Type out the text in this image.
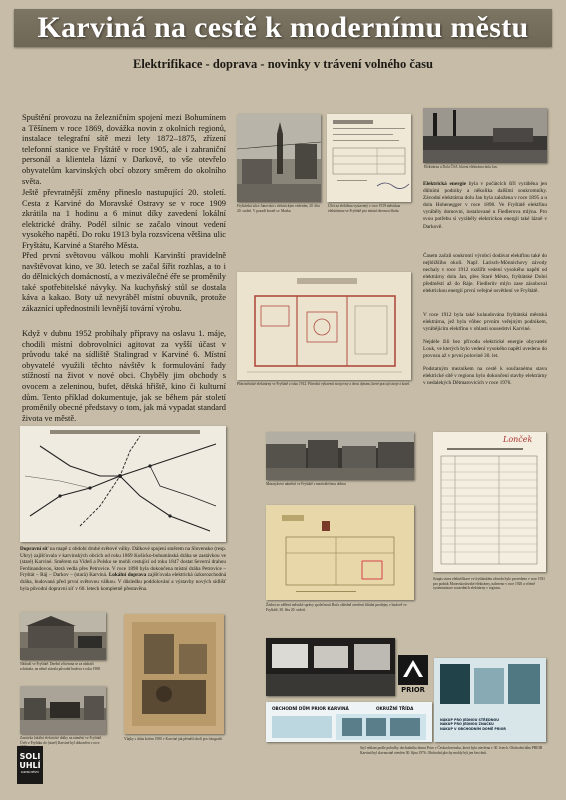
Karviná na cestě k modernímu městu
Elektrifikace - doprava - novinky v trávení volného času

Spuštění provozu na železničním spojení mezi Bohumínem a Těšínem v roce 1869, dovážka novin z okolních regionů, instalace telegrafní sítě mezi lety 1872–1875, zřízení telefonní stanice ve Fryštátě v roce 1905, ale i zahraniční personál a klientela lázní v Darkově, to vše otevřelo obyvatelům karvinských obcí obzory směrem do okolního světa.

Ještě převratnější změny přineslo nastupující 20. století. Cesta z Karviné do Moravské Ostravy se v roce 1909 zkrátila na 1 hodinu a 6 minut díky zavedení lokální elektrické dráhy. Podél silnic se začalo vinout vedení vysokého napětí. Do roku 1913 byla rozsvícena většina ulic Fryštátu, Karviné a Starého Města.

Před první světovou válkou mohli Karvinští pravidelně navštěvovat kino, ve 30. letech se začal šířit rozhlas, a to i do dělnických domácností, a v meziválečné éře se proměnily také spotřebitelské návyky. Na kuchyňský stůl se dostala káva a kakao. Boty už nevyráběl místní obuvník, protože zákazníci upřednostnili levnější tovární výrobu.

Když v dubnu 1952 probíhaly přípravy na oslavu 1. máje, chodili místní dobrovolníci agitovat za vyšší účast v průvodu také na sídliště Stalingrad v Karviné 6. Místní obyvatelé využili těchto návštěv k formulování řady stížností na život v nové obci. Chyběly jim obchody s ovocem a zeleninou, bufet, dětská hřiště, kino či kulturní dům. Tento příklad dokumentuje, jak se během pár století proměnily obecné představy o tom, jak má vypadat standard života ve městě.

Fryštátská ulice Janovská s elektrickým vedením, 20. léta 20. století. V pozadí kostel sv. Marka.
Účet za elektřinu vystavený v roce 1919 městskou elektrárnou ve Fryštátě pro místní obecnou školu.
Elektrárna u Dolu ČSA, hlavní elektrárna dolu Jan.

Elektrická energie byla v počátcích šíří vyráběna jen důlními podniky a několika dalšími soukromníky. Závodní elektrárna dolu Jan byla založena v roce 1895 a u dolu Hohenegger v roce 1898. Ve Fryštátě elektřinu vyráběly domovní, instalované u Fiedlerova mlýna. Pro svou potřebu si vyráběly elektrickou energii také lázně v Darkově.

Časem začali soukromí výrobci dodávat elektřinu také do nejbližšího okolí. Např. Larisch-Mönnichovy závody nechaly v roce 1912 rozšířit vedení vysokého napětí od elektrárny dolu Jan, přes Staré Město, fryštátské Dolní předměstí až do Ráje. Fiedlerův mlýn zase zásoboval elektrickou energií první veřejné osvětlení ve Fryštátě.

V roce 1912 byla také kolaudována fryštátská městská elektrárna, jež byla vůbec prvním veřejným podnikem, vyrábějícím elektřinu v oblasti sousedství Karviné.

Nejdéle žili bez přívodu elektrické energie obyvatelé Louk, ve kterých bylo vedení vysokého napětí uvedeno do provozu až v první polovině 30. let.

Podstatným mezníkem na cestě k současnému stavu elektrické sítě v regionu bylo dokončení stavby elektrárny v nedalekých Dětmarovicích v roce 1976.

Plán městské elektrárny ve Fryštátě z roku 1912. Původní vybavení strojovny a dvou dynam, které pracují stroje a kotel.

Dopravní síť na mapě z období druhé světové války. Dálkové spojení směrem na Slovensko (resp. Uhry) zajišťovala v karvinských obcích od roku 1869 Košicko-bohumínská dráha se zastávkou ve (staré) Karviné. Směrem na Vídeň a Polsko se mohli cestující od roku 1847 dostat Severní drahou Ferdinandovou, která vedla přes Petrovice. V roce 1898 byla dokončena místní dráha Petrovice – Fryštát – Ráj – Darkov – (stará) Karviná. Lokální doprava zajišťovala elektrická úzkorozchodná dráha, budovaná před první světovou válkou. V důsledku poddolování a výstavby nových sídlišť byla původní dopravní síť v 60. letech kompletně přestavěna.

Masarykovo náměstí ve Fryštátě s meziválečnou dobou
Žádost ze sdělení městské správy společnosti Baťa ohledně otevření filiální prodejny v budově ve Fryštátě, 30. léta 20. století.
Lonček
Soupis stavu elektrifikace ve fryštátském obvodu bylo provedeno v roce 1931 pro podnik Moravskoslezské elektrárny, nalezeno v roce 1920 a včetně systematizace sousedních elektrárny v regionu.
Nádraží ve Fryštátě. Dnešní zřícenina se za nádraží zchátrala, na němž stávala původní budova z roku 1908.
Zastávka lokální elektrické dráhy na náměstí ve Fryštátě. Úvěr z Fryštátu do (staré) Karviné byl dokončen v roce
Vlajky s doba kolem 1900 v Karviné jak přenáší okolí pro fotografii.
SOLI
UHLÍ
KARVINÁ MĚSTO
PRIOR
OBCHODNÍ DŮM PRIOR KARVINÁ	OKRUŽNÍ TŘÍDA
NÁKUP PRO JEDNOU STŘEDNOU
NÁKUP PRO JEDNOU ZNAČKU
NÁKUP V OBCHODNÍM DOMĚ PRIOR
Styl reklam podle pobočky obchodního domu Prior v Československu, která byla otevřena v 30. letech. Obchodní dům PRIOR Karviná byl slavnostně otevřen 30. října 1976. Obchodní plochy mohly být jen šest dnů.
